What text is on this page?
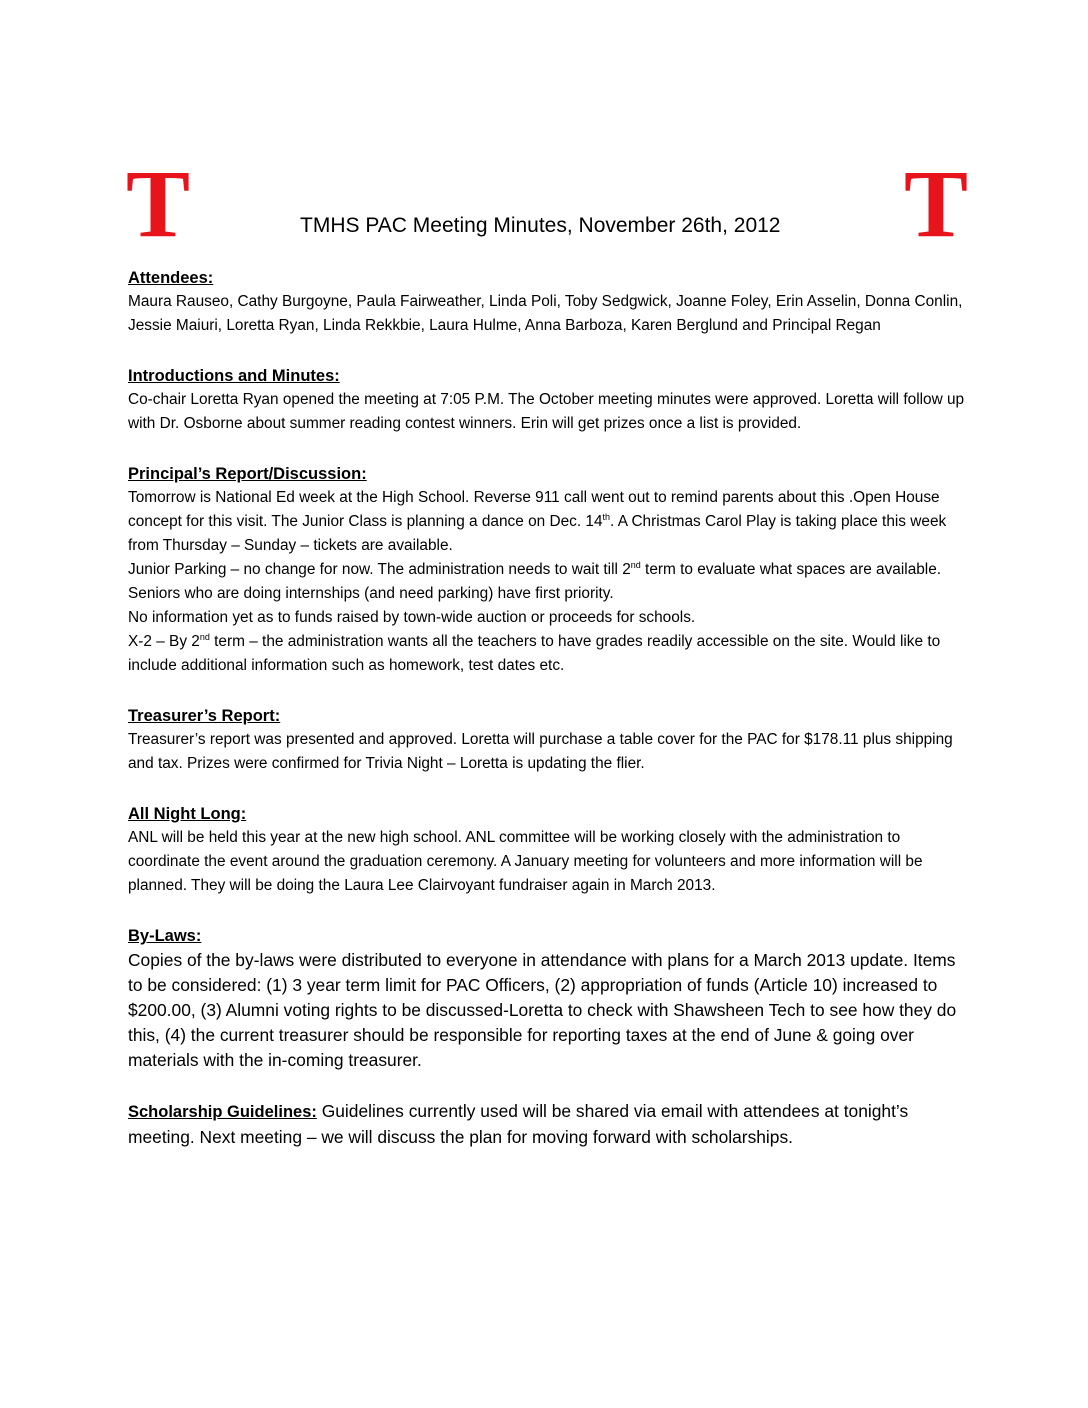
T	TMHS PAC Meeting Minutes, November 26th, 2012	T
Attendees:
Maura Rauseo, Cathy Burgoyne, Paula Fairweather, Linda Poli, Toby Sedgwick, Joanne Foley, Erin Asselin, Donna Conlin, Jessie Maiuri, Loretta Ryan, Linda Rekkbie, Laura Hulme, Anna Barboza, Karen Berglund and Principal Regan
Introductions and Minutes:
Co-chair Loretta Ryan opened the meeting at 7:05 P.M. The October meeting minutes were approved. Loretta will follow up with Dr. Osborne about summer reading contest winners. Erin will get prizes once a list is provided.
Principal’s Report/Discussion:

Tomorrow is National Ed week at the High School. Reverse 911 call went out to remind parents about this .Open House concept for this visit. The Junior Class is planning a dance on Dec. 14th. A Christmas Carol Play is taking place this week from Thursday – Sunday – tickets are available.

Junior Parking – no change for now. The administration needs to wait till 2nd term to evaluate what spaces are available. Seniors who are doing internships (and need parking) have first priority.

No information yet as to funds raised by town-wide auction or proceeds for schools.

X-2 – By 2nd term – the administration wants all the teachers to have grades readily accessible on the site. Would like to include additional information such as homework, test dates etc.

Treasurer’s Report:
Treasurer’s report was presented and approved. Loretta will purchase a table cover for the PAC for $178.11 plus shipping and tax. Prizes were confirmed for Trivia Night – Loretta is updating the flier.
All Night Long:
ANL will be held this year at the new high school. ANL committee will be working closely with the administration to coordinate the event around the graduation ceremony. A January meeting for volunteers and more information will be planned. They will be doing the Laura Lee Clairvoyant fundraiser again in March 2013.
By-Laws:
Copies of the by-laws were distributed to everyone in attendance with plans for a March 2013 update. Items to be considered: (1) 3 year term limit for PAC Officers, (2) appropriation of funds (Article 10) increased to $200.00, (3) Alumni voting rights to be discussed-Loretta to check with Shawsheen Tech to see how they do this, (4) the current treasurer should be responsible for reporting taxes at the end of June & going over materials with the in-coming treasurer.
Scholarship Guidelines: Guidelines currently used will be shared via email with attendees at tonight’s meeting. Next meeting – we will discuss the plan for moving forward with scholarships.
